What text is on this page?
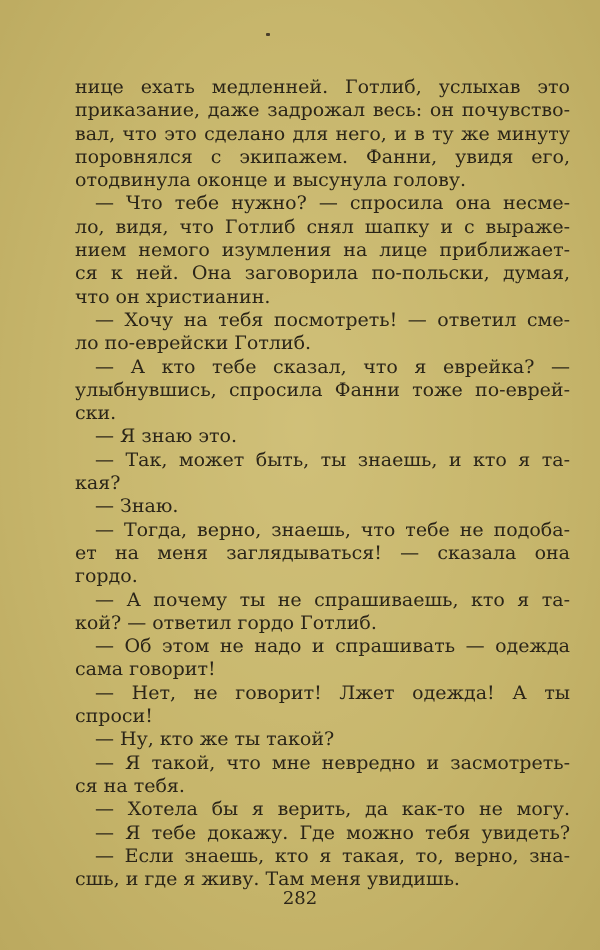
нице ехать медленней. Готлиб, услыхав это
приказание, даже задрожал весь: он почувство-
вал, что это сделано для него, и в ту же минуту
поровнялся с экипажем. Фанни, увидя его,
отодвинула оконце и высунула голову.
— Что тебе нужно? — спросила она несме-
ло, видя, что Готлиб снял шапку и с выраже-
нием немого изумления на лице приближает-
ся к ней. Она заговорила по-польски, думая,
что он христианин.
— Хочу на тебя посмотреть! — ответил сме-
ло по-еврейски Готлиб.
— А кто тебе сказал, что я еврейка? —
улыбнувшись, спросила Фанни тоже по-еврей-
ски.
— Я знаю это.
— Так, может быть, ты знаешь, и кто я та-
кая?
— Знаю.
— Тогда, верно, знаешь, что тебе не подоба-
ет на меня заглядываться! — сказала она
гордо.
— А почему ты не спрашиваешь, кто я та-
кой? — ответил гордо Готлиб.
— Об этом не надо и спрашивать — одежда
сама говорит!
— Нет, не говорит! Лжет одежда! А ты
спроси!
— Ну, кто же ты такой?
— Я такой, что мне невредно и засмотреть-
ся на тебя.
— Хотела бы я верить, да как-то не могу.
— Я тебе докажу. Где можно тебя увидеть?
— Если знаешь, кто я такая, то, верно, зна-
сшь, и где я живу. Там меня увидишь.
282
